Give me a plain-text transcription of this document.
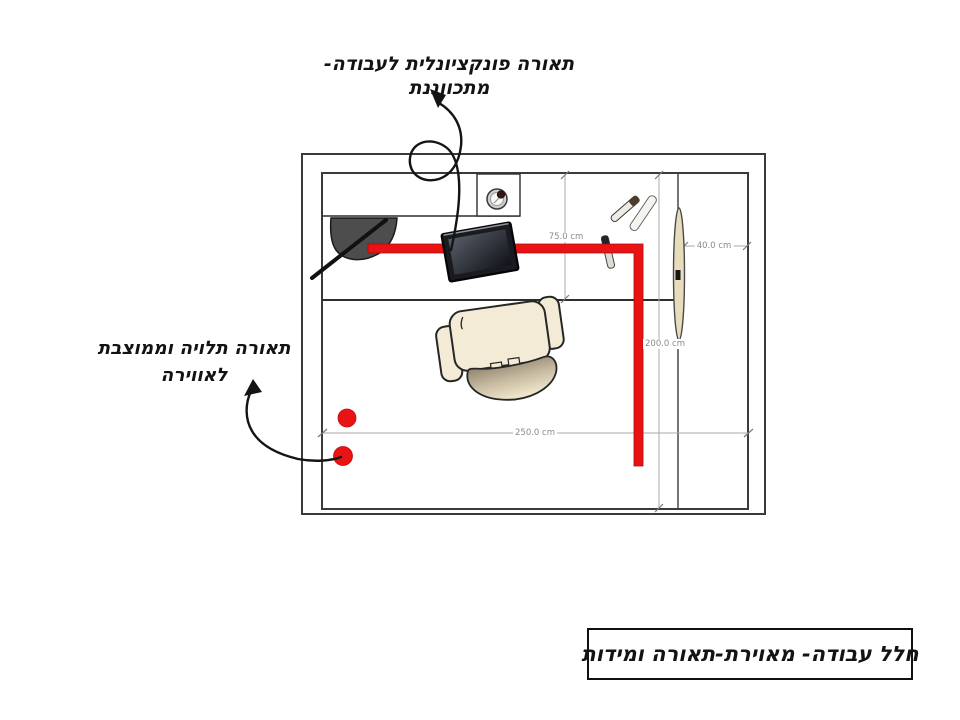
תאורה פונקציונלית לעבודה- מתכווננת
תאורה תלויה וממוצבת
לאווירה
75.0 cm
40.0 cm
200.0 cm
250.0 cm
חלל עבודה- מאוירת-תאורה ומידות
